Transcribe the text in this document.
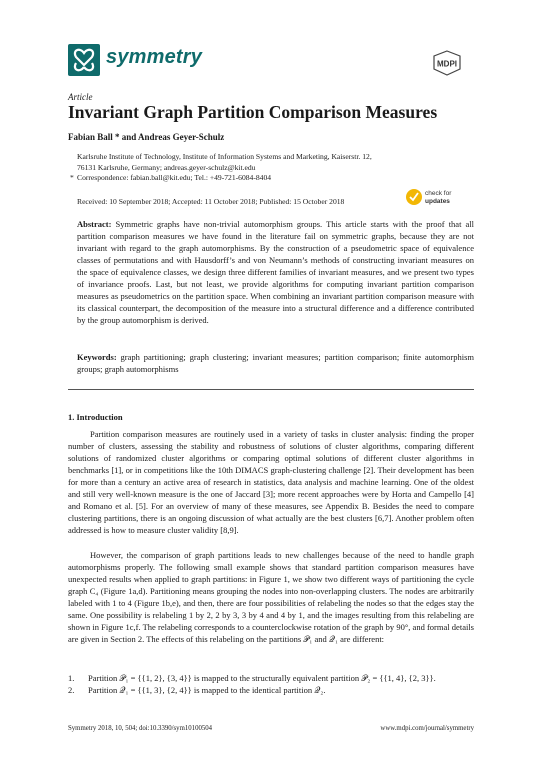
symmetry	MDPI
Article
Invariant Graph Partition Comparison Measures
Fabian Ball * and Andreas Geyer-Schulz
Karlsruhe Institute of Technology, Institute of Information Systems and Marketing, Kaiserstr. 12,
76131 Karlsruhe, Germany; andreas.geyer-schulz@kit.edu
* Correspondence: fabian.ball@kit.edu; Tel.: +49-721-6084-8404
check for
updates
Received: 10 September 2018; Accepted: 11 October 2018; Published: 15 October 2018
Abstract: Symmetric graphs have non-trivial automorphism groups. This article starts with the proof that all partition comparison measures we have found in the literature fail on symmetric graphs, because they are not invariant with regard to the graph automorphisms. By the construction of a pseudometric space of equivalence classes of permutations and with Hausdorff’s and von Neumann’s methods of constructing invariant measures on the space of equivalence classes, we design three different families of invariant measures, and we present two types of invariance proofs. Last, but not least, we provide algorithms for computing invariant partition comparison measures as pseudometrics on the partition space. When combining an invariant partition comparison measure with its classical counterpart, the decomposition of the measure into a structural difference and a difference contributed by the group automorphism is derived.
Keywords: graph partitioning; graph clustering; invariant measures; partition comparison; finite automorphism groups; graph automorphisms
1. Introduction
Partition comparison measures are routinely used in a variety of tasks in cluster analysis: finding the proper number of clusters, assessing the stability and robustness of solutions of cluster algorithms, comparing different solutions of randomized cluster algorithms or comparing optimal solutions of different cluster algorithms in benchmarks [1], or in competitions like the 10th DIMACS graph-clustering challenge [2]. Their development has been for more than a century an active area of research in statistics, data analysis and machine learning. One of the oldest and still very well-known measure is the one of Jaccard [3]; more recent approaches were by Horta and Campello [4] and Romano et al. [5]. For an overview of many of these measures, see Appendix B. Besides the need to compare clustering partitions, there is an ongoing discussion of what actually are the best clusters [6,7]. Another problem often addressed is how to measure cluster validity [8,9].
However, the comparison of graph partitions leads to new challenges because of the need to handle graph automorphisms properly. The following small example shows that standard partition comparison measures have unexpected results when applied to graph partitions: in Figure 1, we show two different ways of partitioning the cycle graph C₄ (Figure 1a,d). Partitioning means grouping the nodes into non-overlapping clusters. The nodes are arbitrarily labeled with 1 to 4 (Figure 1b,e), and then, there are four possibilities of relabeling the nodes so that the edges stay the same. One possibility is relabeling 1 by 2, 2 by 3, 3 by 4 and 4 by 1, and the images resulting from this relabeling are shown in Figure 1c,f. The relabeling corresponds to a counterclockwise rotation of the graph by 90°, and formal details are given in Section 2. The effects of this relabeling on the partitions 𝒫₁ and 𝒬₁ are different:
1. Partition 𝒫₁ = {{1, 2}, {3, 4}} is mapped to the structurally equivalent partition 𝒫₂ = {{1, 4}, {2, 3}}.
2. Partition 𝒬₁ = {{1, 3}, {2, 4}} is mapped to the identical partition 𝒬₂.
Symmetry 2018, 10, 504; doi:10.3390/sym10100504	www.mdpi.com/journal/symmetry
